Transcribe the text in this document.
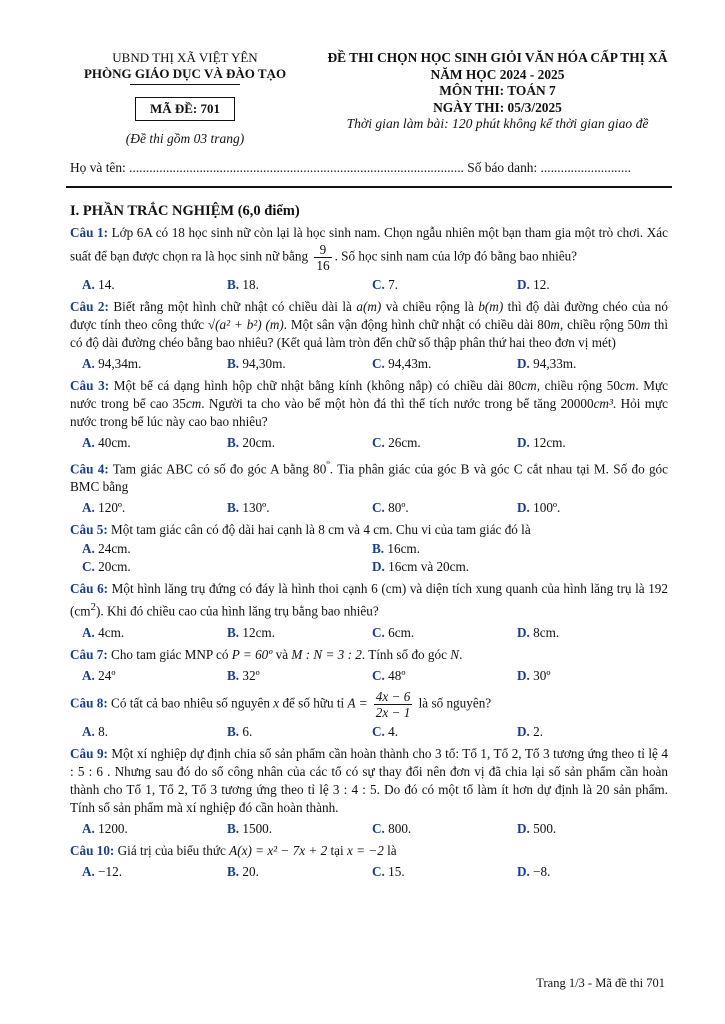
UBND THỊ XÃ VIỆT YÊN
PHÒNG GIÁO DỤC VÀ ĐÀO TẠO
MÃ ĐỀ: 701
(Đề thi gồm 03 trang)
ĐỀ THI CHỌN HỌC SINH GIỎI VĂN HÓA CẤP THỊ XÃ
NĂM HỌC 2024 - 2025
MÔN THI: TOÁN 7
NGÀY THI: 05/3/2025
Thời gian làm bài: 120 phút không kể thời gian giao đề
Họ và tên: .................................................................................................... Số báo danh: ...........................
I. PHẦN TRẮC NGHIỆM (6,0 điểm)
Câu 1: Lớp 6A có 18 học sinh nữ còn lại là học sinh nam. Chọn ngẫu nhiên một bạn tham gia một trò chơi. Xác suất để bạn được chọn ra là học sinh nữ bằng $\frac{9}{16}$ . Số học sinh nam của lớp đó bằng bao nhiêu?
A. 14.	B. 18.	C. 7.	D. 12.
Câu 2: Biết rằng một hình chữ nhật có chiều dài là a(m) và chiều rộng là b(m) thì độ dài đường chéo của nó được tính theo công thức √(a² + b²) (m). Một sân vận động hình chữ nhật có chiều dài 80m, chiều rộng 50m thì có độ dài đường chéo bằng bao nhiêu? (Kết quả làm tròn đến chữ số thập phân thứ hai theo đơn vị mét)
A. 94,34m.	B. 94,30m.	C. 94,43m.	D. 94,33m.
Câu 3: Một bể cá dạng hình hộp chữ nhật bằng kính (không nắp) có chiều dài 80cm, chiều rộng 50cm. Mực nước trong bể cao 35cm. Người ta cho vào bể một hòn đá thì thể tích nước trong bể tăng 20000cm³. Hỏi mực nước trong bể lúc này cao bao nhiêu?
A. 40cm.	B. 20cm.	C. 26cm.	D. 12cm.
Câu 4: Tam giác ABC có số đo góc A bằng $80^º$. Tia phân giác của góc B và góc C cắt nhau tại M. Số đo góc BMC bằng
A. 120º.	B. 130º.	C. 80º.	D. 100º.
Câu 5: Một tam giác cân có độ dài hai cạnh là 8 cm và 4 cm. Chu vi của tam giác đó là
A. 24cm.	B. 16cm.
C. 20cm.	D. 16cm và 20cm.
Câu 6: Một hình lăng trụ đứng có đáy là hình thoi cạnh 6 (cm) và diện tích xung quanh của hình lăng trụ là 192 $(cm^2)$. Khi đó chiều cao của hình lăng trụ bằng bao nhiêu?
A. 4cm.	B. 12cm.	C. 6cm.	D. 8cm.
Câu 7: Cho tam giác MNP có P = 60º và M : N = 3 : 2. Tính số đo góc N.
A. 24º	B. 32º	C. 48º	D. 30º
Câu 8: Có tất cả bao nhiêu số nguyên x để số hữu tỉ $A = \frac{4x - 6}{2x - 1}$ là số nguyên?
A. 8.	B. 6.	C. 4.	D. 2.
Câu 9: Một xí nghiệp dự định chia số sản phẩm cần hoàn thành cho 3 tổ: Tổ 1, Tổ 2, Tổ 3 tương ứng theo tỉ lệ 4 : 5 : 6 . Nhưng sau đó do số công nhân của các tổ có sự thay đổi nên đơn vị đã chia lại số sản phẩm cần hoàn thành cho Tổ 1, Tổ 2, Tổ 3 tương ứng theo tỉ lệ 3 : 4 : 5. Do đó có một tổ làm ít hơn dự định là 20 sản phẩm. Tính số sản phẩm mà xí nghiệp đó cần hoàn thành.
A. 1200.	B. 1500.	C. 800.	D. 500.
Câu 10: Giá trị của biểu thức A(x) = x² − 7x + 2 tại x = −2 là
A. −12.	B. 20.	C. 15.	D. −8.
Trang 1/3 - Mã đề thi 701
